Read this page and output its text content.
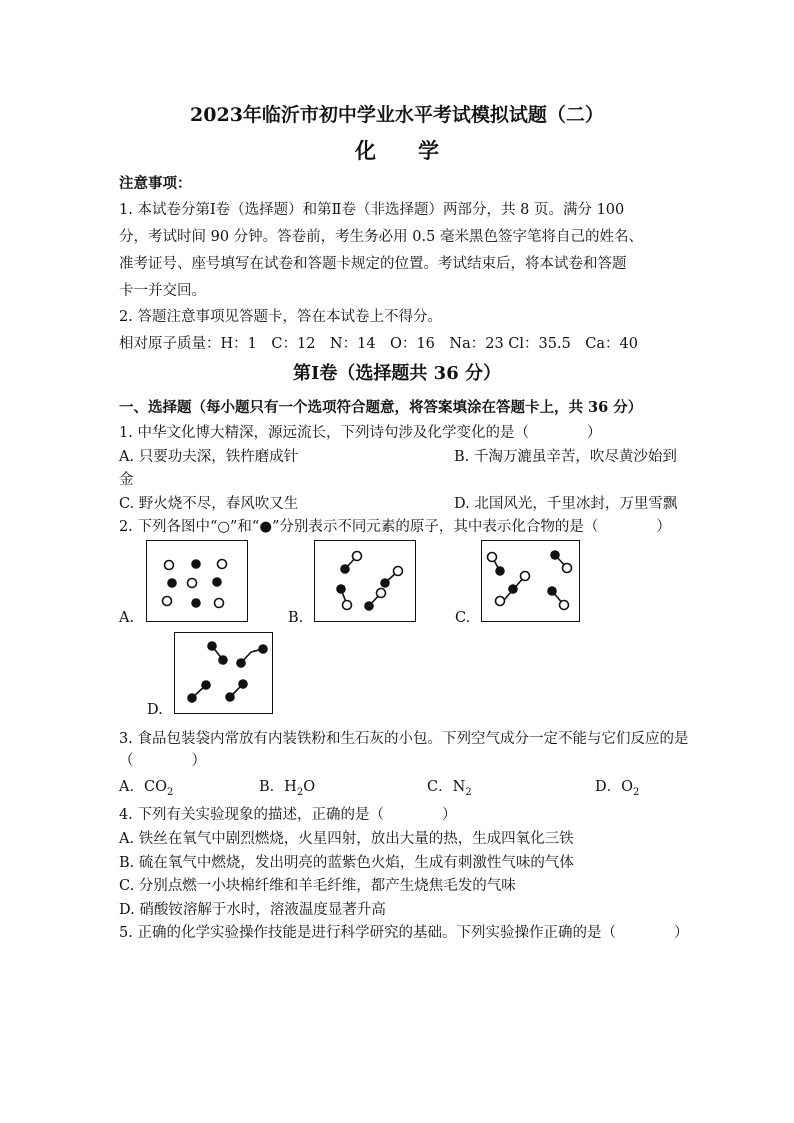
2023年临沂市初中学业水平考试模拟试题（二）
化学
注意事项：
1. 本试卷分第Ⅰ卷（选择题）和第Ⅱ卷（非选择题）两部分，共 8 页。满分 100
分，考试时间 90 分钟。答卷前，考生务必用 0.5 毫米黑色签字笔将自己的姓名、
准考证号、座号填写在试卷和答题卡规定的位置。考试结束后，将本试卷和答题
卡一并交回。
2. 答题注意事项见答题卡，答在本试卷上不得分。
相对原子质量：H：1　C：12　N：14　O：16　Na：23 Cl：35.5　Ca：40
第Ⅰ卷（选择题共 36 分）
一、选择题（每小题只有一个选项符合题意，将答案填涂在答题卡上，共 36 分）
1. 中华文化博大精深，源远流长，下列诗句涉及化学变化的是（　　　　）
A. 只要功夫深，铁杵磨成针	B. 千淘万漉虽辛苦，吹尽黄沙始到
金
C. 野火烧不尽，春风吹又生	D. 北国风光，千里冰封，万里雪飘
2. 下列各图中“○”和“●”分别表示不同元素的原子，其中表示化合物的是（　　　　）
A.	B.	C.
D.
3. 食品包装袋内常放有内装铁粉和生石灰的小包。下列空气成分一定不能与它们反应的是
（　　　　）
A．$CO_2$	B．$H_2O$	C．$N_2$	D．$O_2$
4. 下列有关实验现象的描述，正确的是（　　　　）
A. 铁丝在氧气中剧烈燃烧，火星四射，放出大量的热，生成四氧化三铁
B. 硫在氧气中燃烧，发出明亮的蓝紫色火焰，生成有刺激性气味的气体
C. 分别点燃一小块棉纤维和羊毛纤维，都产生烧焦毛发的气味
D. 硝酸铵溶解于水时，溶液温度显著升高
5. 正确的化学实验操作技能是进行科学研究的基础。下列实验操作正确的是（　　　　）
